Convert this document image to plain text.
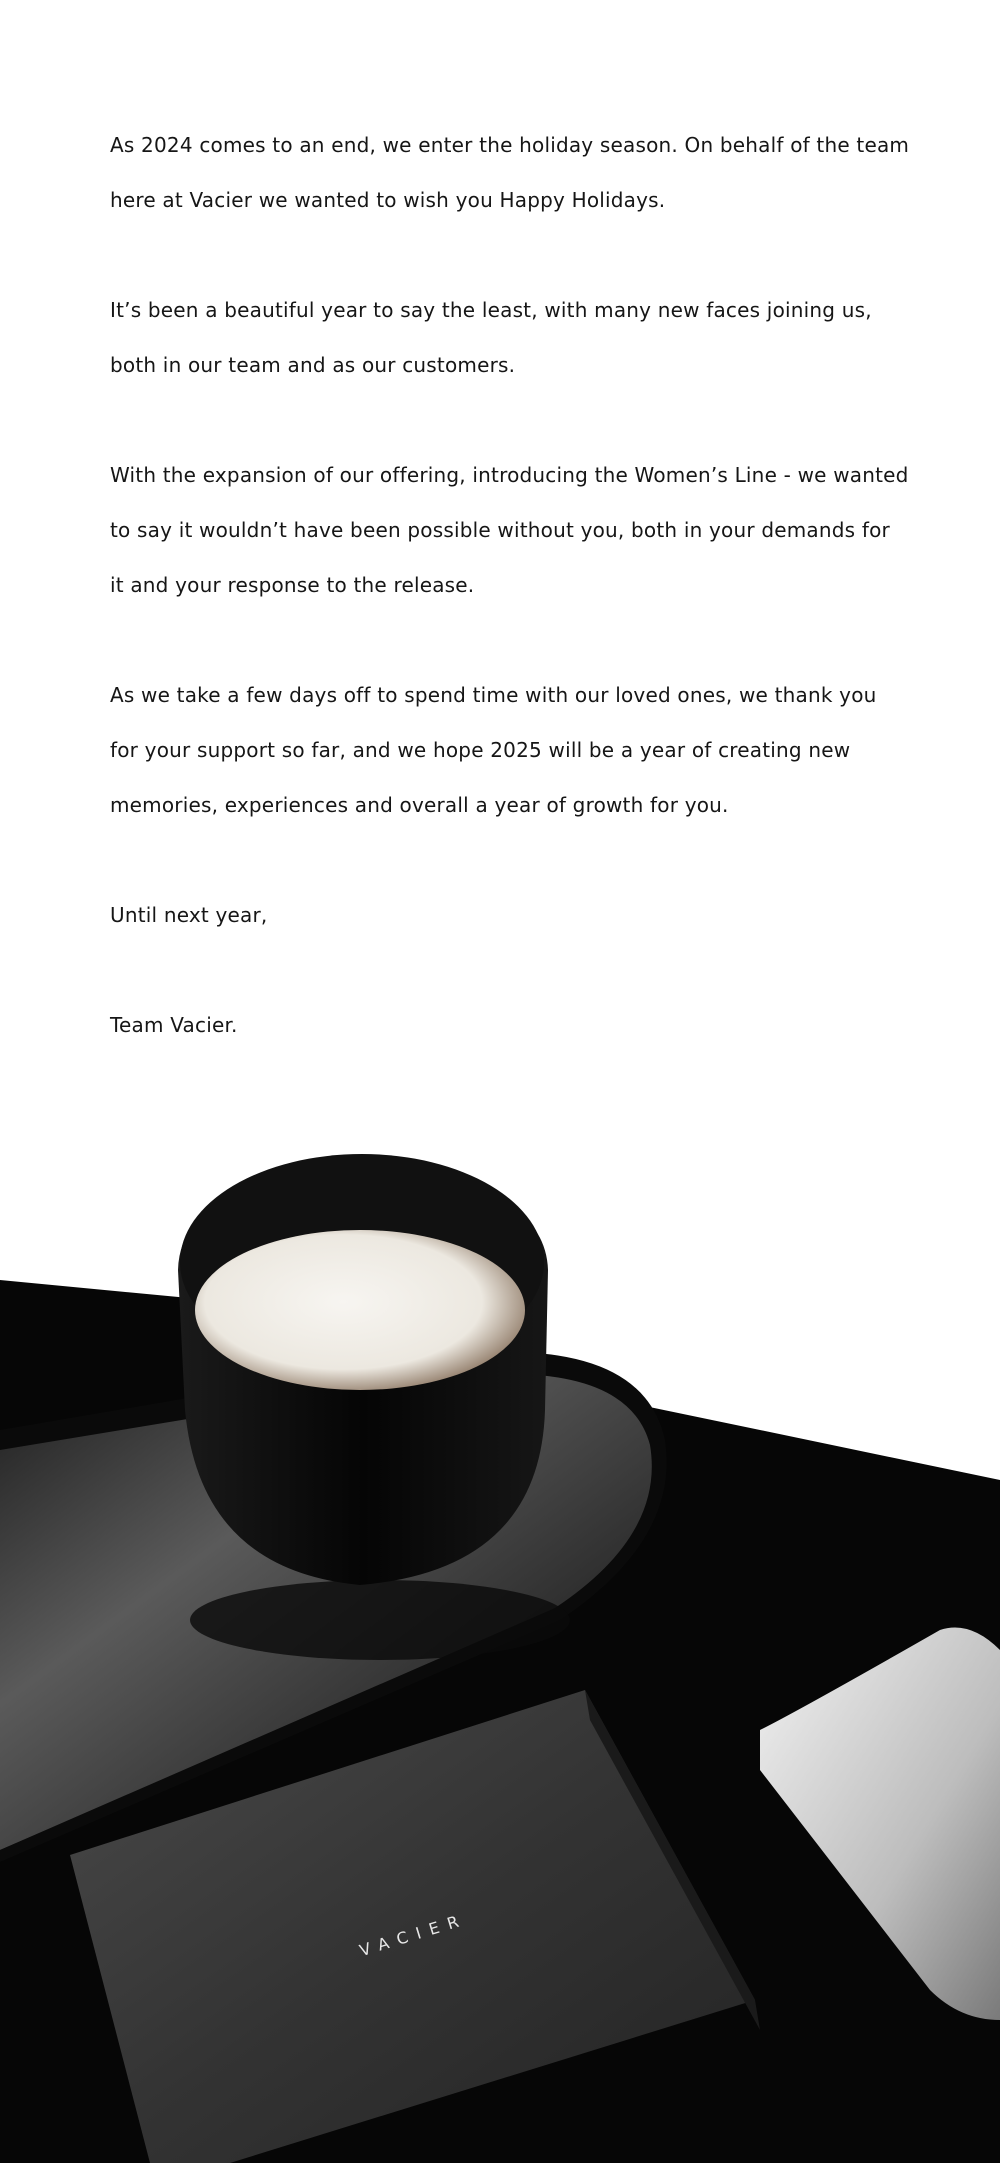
As 2024 comes to an end, we enter the holiday season. On behalf of the team here at Vacier we wanted to wish you Happy Holidays.

It’s been a beautiful year to say the least, with many new faces joining us, both in our team and as our customers.

With the expansion of our offering, introducing the Women’s Line - we wanted to say it wouldn’t have been possible without you, both in your demands for it and your response to the release.

As we take a few days off to spend time with our loved ones, we thank you for your support so far, and we hope 2025 will be a year of creating new memories, experiences and overall a year of growth for you.

Until next year,

Team Vacier.

VACIER
